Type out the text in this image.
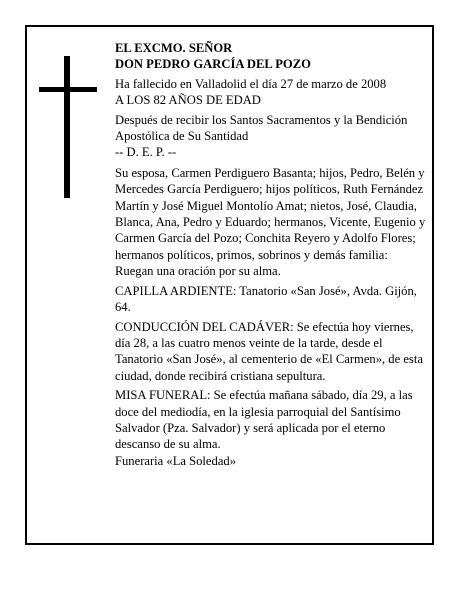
EL EXCMO. SEÑOR

DON PEDRO GARCÍA DEL POZO

Ha fallecido en Valladolid el día 27 de marzo de 2008

A LOS 82 AÑOS DE EDAD

Después de recibir los Santos Sacramentos y la Bendición Apostólica de Su Santidad

-- D. E. P. --

Su esposa, Carmen Perdiguero Basanta; hijos, Pedro, Belén y Mercedes García Perdiguero; hijos políticos, Ruth Fernández Martín y José Miguel Montolío Amat; nietos, José, Claudia, Blanca, Ana, Pedro y Eduardo; hermanos, Vicente, Eugenio y Carmen García del Pozo; Conchita Reyero y Adolfo Flores; hermanos políticos, primos, sobrinos y demás familia:

Ruegan una oración por su alma.

CAPILLA ARDIENTE: Tanatorio «San José», Avda. Gijón, 64.

CONDUCCIÓN DEL CADÁVER: Se efectúa hoy viernes, día 28, a las cuatro menos veinte de la tarde, desde el Tanatorio «San José», al cementerio de «El Carmen», de esta ciudad, donde recibirá cristiana sepultura.

MISA FUNERAL: Se efectúa mañana sábado, día 29, a las doce del mediodía, en la iglesia parroquial del Santísimo Salvador (Pza. Salvador) y será aplicada por el eterno descanso de su alma.

Funeraria «La Soledad»
